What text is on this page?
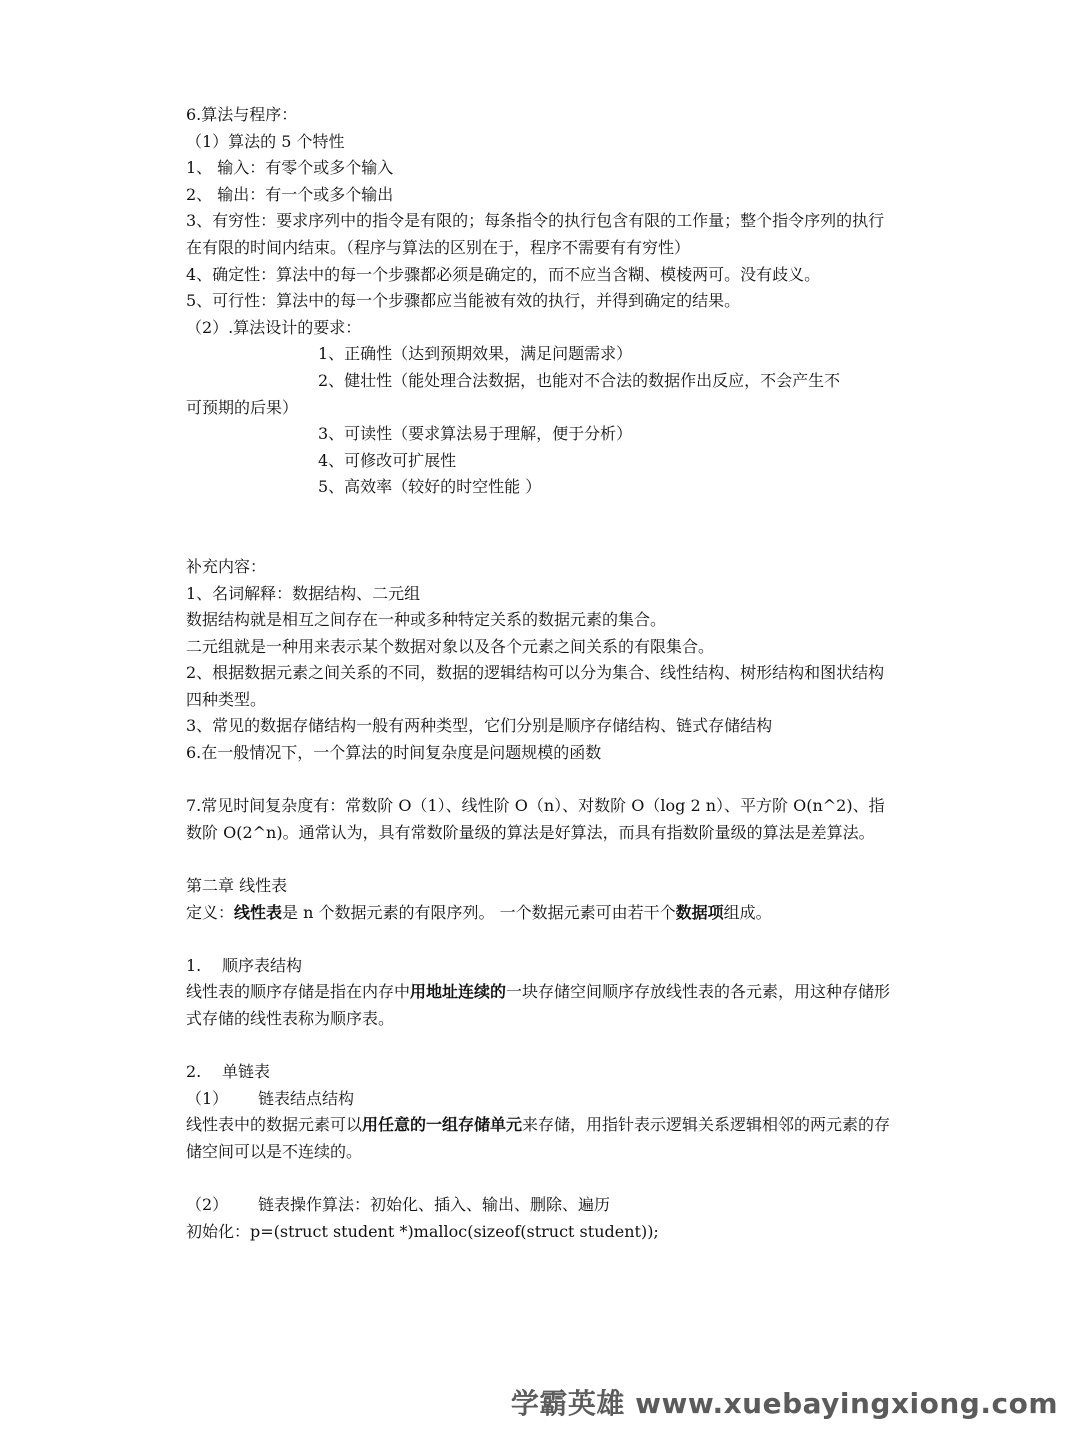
6.算法与程序：
（1）算法的 5 个特性
1、 输入：有零个或多个输入
2、 输出：有一个或多个输出
3、有穷性：要求序列中的指令是有限的；每条指令的执行包含有限的工作量；整个指令序列的执行在有限的时间内结束。（程序与算法的区别在于，程序不需要有有穷性）
4、确定性：算法中的每一个步骤都必须是确定的，而不应当含糊、模棱两可。没有歧义。
5、可行性：算法中的每一个步骤都应当能被有效的执行，并得到确定的结果。
（2）.算法设计的要求：
1、正确性（达到预期效果，满足问题需求）
2、健壮性（能处理合法数据，也能对不合法的数据作出反应，不会产生不
可预期的后果）
3、可读性（要求算法易于理解，便于分析）
4、可修改可扩展性
5、高效率（较好的时空性能 ）
补充内容：
1、名词解释：数据结构、二元组
数据结构就是相互之间存在一种或多种特定关系的数据元素的集合。
二元组就是一种用来表示某个数据对象以及各个元素之间关系的有限集合。
2、根据数据元素之间关系的不同，数据的逻辑结构可以分为集合、线性结构、树形结构和图状结构四种类型。
3、常见的数据存储结构一般有两种类型，它们分别是顺序存储结构、链式存储结构
6.在一般情况下，一个算法的时间复杂度是问题规模的函数
7.常见时间复杂度有：常数阶 O（1）、线性阶 O（n）、对数阶 O（log 2 n）、平方阶 O(n^2)、指数阶 O(2^n)。通常认为，具有常数阶量级的算法是好算法，而具有指数阶量级的算法是差算法。
第二章 线性表
定义：线性表是 n 个数据元素的有限序列。 一个数据元素可由若干个数据项组成。
1. 顺序表结构
线性表的顺序存储是指在内存中用地址连续的一块存储空间顺序存放线性表的各元素，用这种存储形式存储的线性表称为顺序表。
2. 单链表
（1） 链表结点结构
线性表中的数据元素可以用任意的一组存储单元来存储，用指针表示逻辑关系逻辑相邻的两元素的存储空间可以是不连续的。
（2） 链表操作算法：初始化、插入、输出、删除、遍历
初始化：p=(struct student *)malloc(sizeof(struct student));
学霸英雄 www.xuebayingxiong.com
